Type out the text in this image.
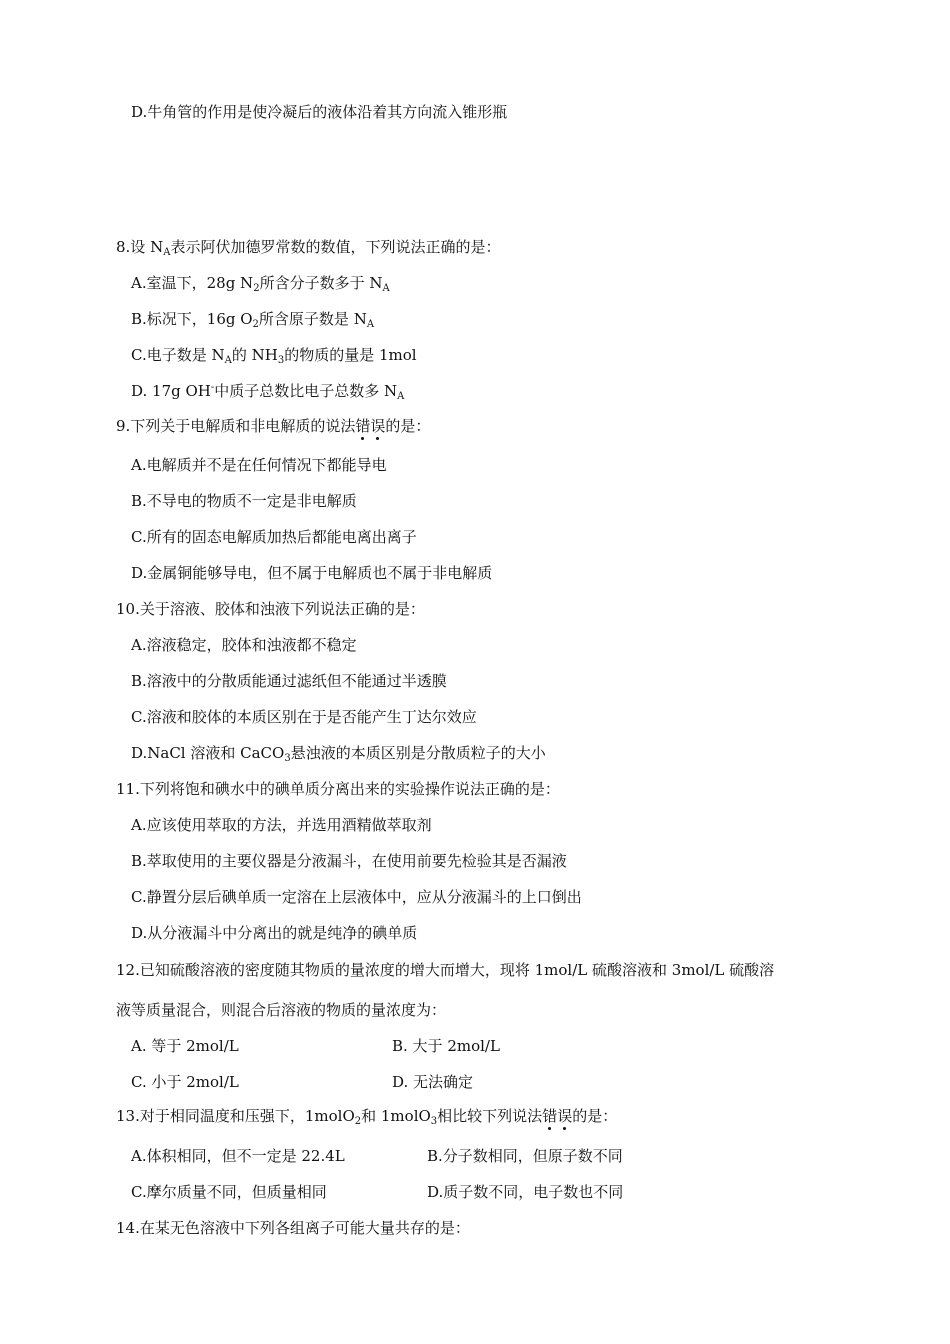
D.牛角管的作用是使冷凝后的液体沿着其方向流入锥形瓶
8.设 $N_A$表示阿伏加德罗常数的数值，下列说法正确的是：
A.室温下，28g $N_2$所含分子数多于 $N_A$
B.标况下，16g $O_2$所含原子数是 $N_A$
C.电子数是 $N_A$的 $NH_3$的物质的量是 1mol
D. 17g OH-中质子总数比电子总数多 $N_A$
9.下列关于电解质和非电解质的说法错误的是：
A.电解质并不是在任何情况下都能导电
B.不导电的物质不一定是非电解质
C.所有的固态电解质加热后都能电离出离子
D.金属铜能够导电，但不属于电解质也不属于非电解质
10.关于溶液、胶体和浊液下列说法正确的是：
A.溶液稳定，胶体和浊液都不稳定
B.溶液中的分散质能通过滤纸但不能通过半透膜
C.溶液和胶体的本质区别在于是否能产生丁达尔效应
D.NaCl 溶液和 CaCO$_3$悬浊液的本质区别是分散质粒子的大小
11.下列将饱和碘水中的碘单质分离出来的实验操作说法正确的是：
A.应该使用萃取的方法，并选用酒精做萃取剂
B.萃取使用的主要仪器是分液漏斗，在使用前要先检验其是否漏液
C.静置分层后碘单质一定溶在上层液体中，应从分液漏斗的上口倒出
D.从分液漏斗中分离出的就是纯净的碘单质
12.已知硫酸溶液的密度随其物质的量浓度的增大而增大，现将 1mol/L 硫酸溶液和 3mol/L 硫酸溶
液等质量混合，则混合后溶液的物质的量浓度为：
A. 等于 2mol/L	B. 大于 2mol/L
C. 小于 2mol/L	D. 无法确定
13.对于相同温度和压强下，1molO$_2$和 1molO$_3$相比较下列说法错误的是：
A.体积相同，但不一定是 22.4L	B.分子数相同，但原子数不同
C.摩尔质量不同，但质量相同	D.质子数不同，电子数也不同
14.在某无色溶液中下列各组离子可能大量共存的是：
